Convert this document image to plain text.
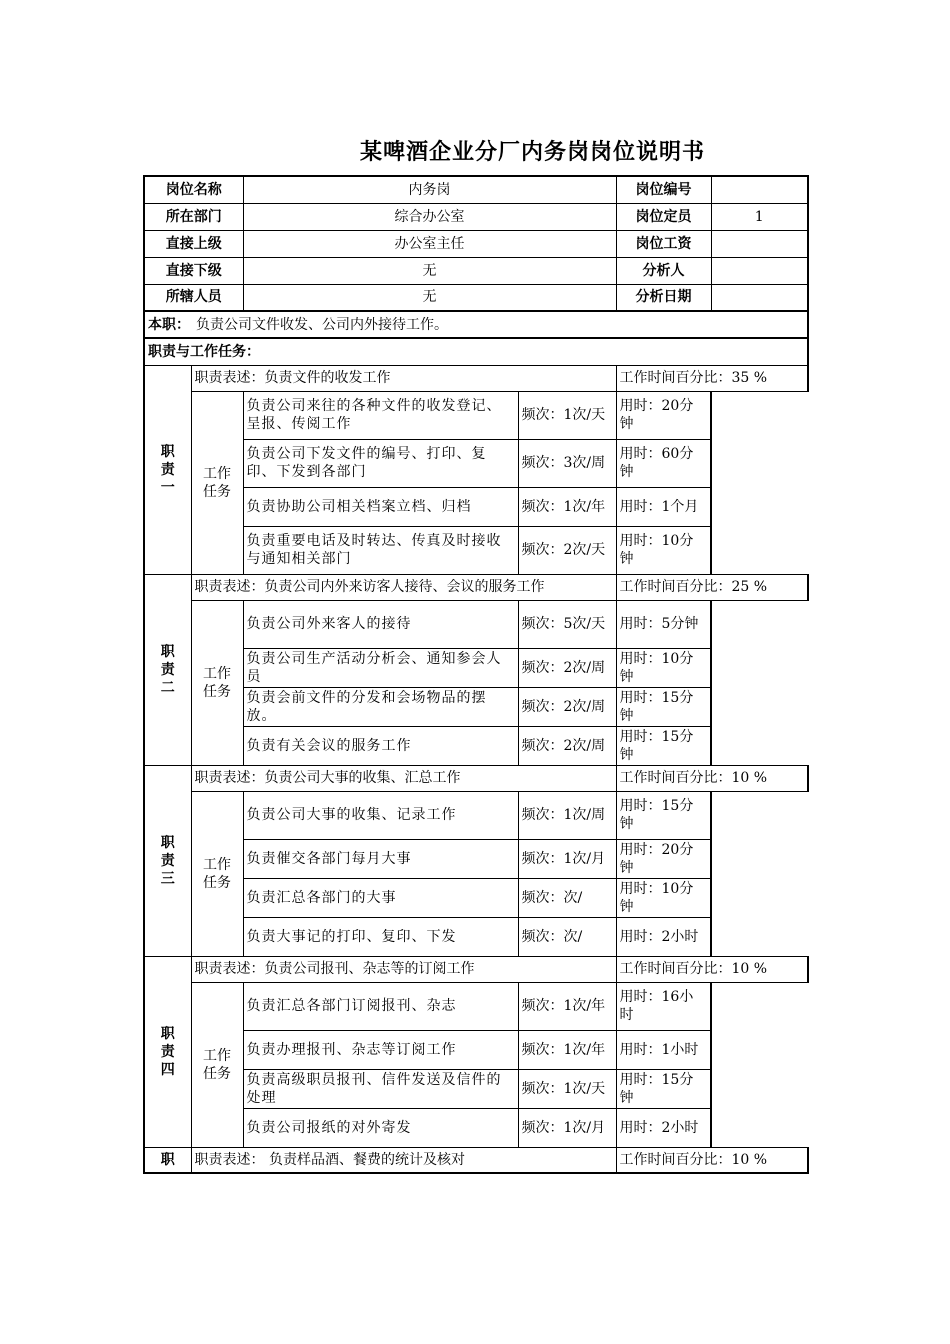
某啤酒企业分厂内务岗岗位说明书
岗位名称		内务岗		岗位编号	
所在部门		综合办公室		岗位定员	1
直接上级		办公室主任		岗位工资	
直接下级		无		分析人	
所辖人员		无		分析日期	
本职： 负责公司文件收发、公司内外接待工作。					
职责与工作任务：					
职
责
一	职责表述：负责文件的收发工作			工作时间百分比：35 %	
	工作
任务	负责公司来往的各种文件的收发登记、呈报、传阅工作	频次：1次/天	用时：20分钟	
		负责公司下发文件的编号、打印、复印、下发到各部门	频次：3次/周	用时：60分钟	
		负责协助公司相关档案立档、归档	频次：1次/年	用时：1个月	
		负责重要电话及时转达、传真及时接收与通知相关部门	频次：2次/天	用时：10分钟	
职
责
二	职责表述：负责公司内外来访客人接待、会议的服务工作			工作时间百分比：25 %	
	工作
任务	负责公司外来客人的接待	频次：5次/天	用时：5分钟	
		负责公司生产活动分析会、通知参会人员	频次：2次/周	用时：10分钟	
		负责会前文件的分发和会场物品的摆放。	频次：2次/周	用时：15分钟	
		负责有关会议的服务工作	频次：2次/周	用时：15分钟	
职
责
三	职责表述：负责公司大事的收集、汇总工作			工作时间百分比：10 %	
	工作
任务	负责公司大事的收集、记录工作	频次：1次/周	用时：15分钟	
		负责催交各部门每月大事	频次：1次/月	用时：20分钟	
		负责汇总各部门的大事	频次：次/	用时：10分钟	
		负责大事记的打印、复印、下发	频次：次/	用时：2小时	
职
责
四	职责表述：负责公司报刊、杂志等的订阅工作			工作时间百分比：10 %	
	工作
任务	负责汇总各部门订阅报刊、杂志	频次：1次/年	用时：16小时	
		负责办理报刊、杂志等订阅工作	频次：1次/年	用时：1小时	
		负责高级职员报刊、信件发送及信件的处理	频次：1次/天	用时：15分钟	
		负责公司报纸的对外寄发	频次：1次/月	用时：2小时	
职	职责表述： 负责样品酒、餐费的统计及核对			工作时间百分比：10 %	
